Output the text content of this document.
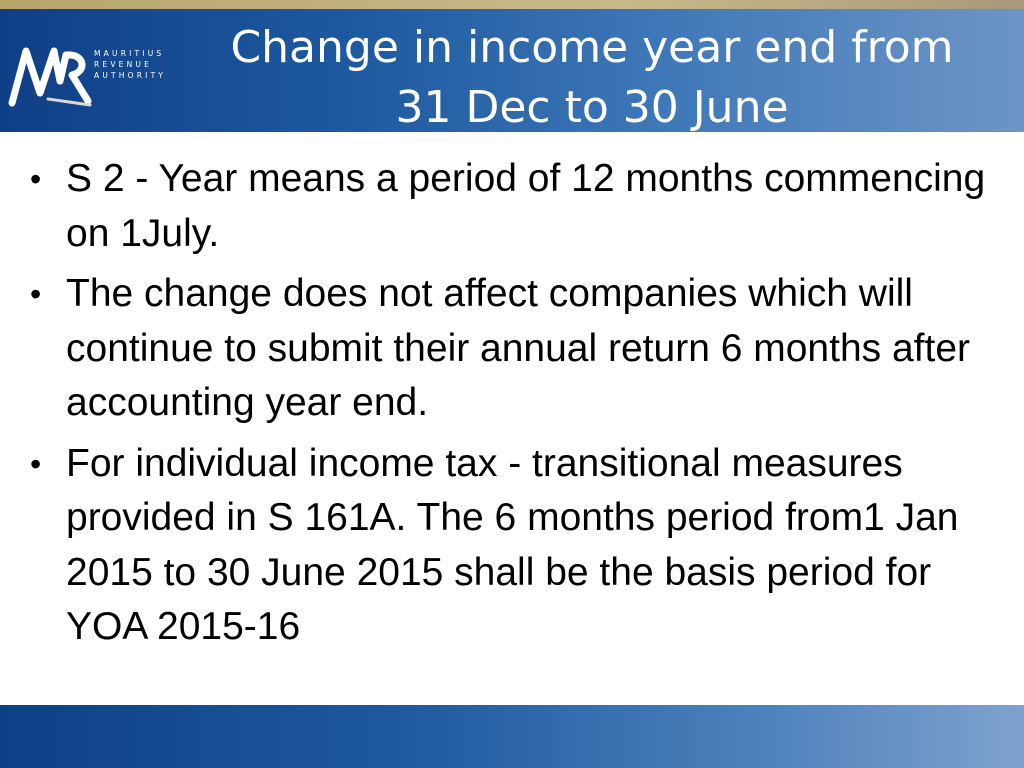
MAURITIUS
REVENUE
AUTHORITY
Change in income year end from
31 Dec to 30 June
• S 2 - Year means a period of 12 months commencing on 1July.
• The change does not affect companies which will continue to submit their annual return 6 months after accounting year end.
• For individual income tax - transitional measures provided in S 161A. The 6 months period from1 Jan 2015 to 30 June 2015 shall be the basis period for YOA 2015-16
